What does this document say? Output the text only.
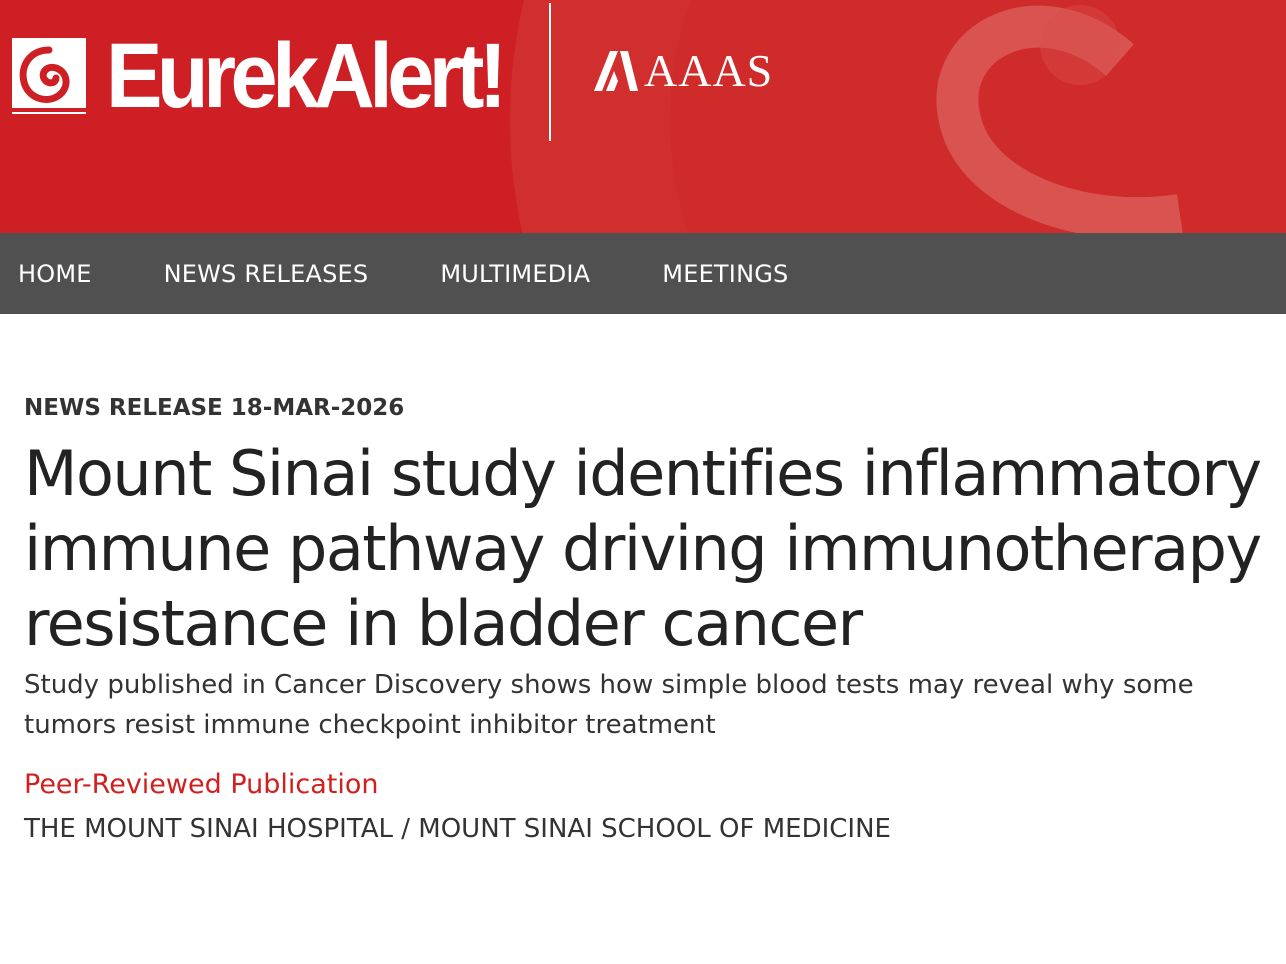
EurekAlert!	AAAS
HOME	NEWS RELEASES	MULTIMEDIA	MEETINGS
NEWS RELEASE 18-MAR-2026
Mount Sinai study identifies inflammatory immune pathway driving immunotherapy resistance in bladder cancer

Study published in Cancer Discovery shows how simple blood tests may reveal why some tumors resist immune checkpoint inhibitor treatment

Peer-Reviewed Publication
THE MOUNT SINAI HOSPITAL / MOUNT SINAI SCHOOL OF MEDICINE
